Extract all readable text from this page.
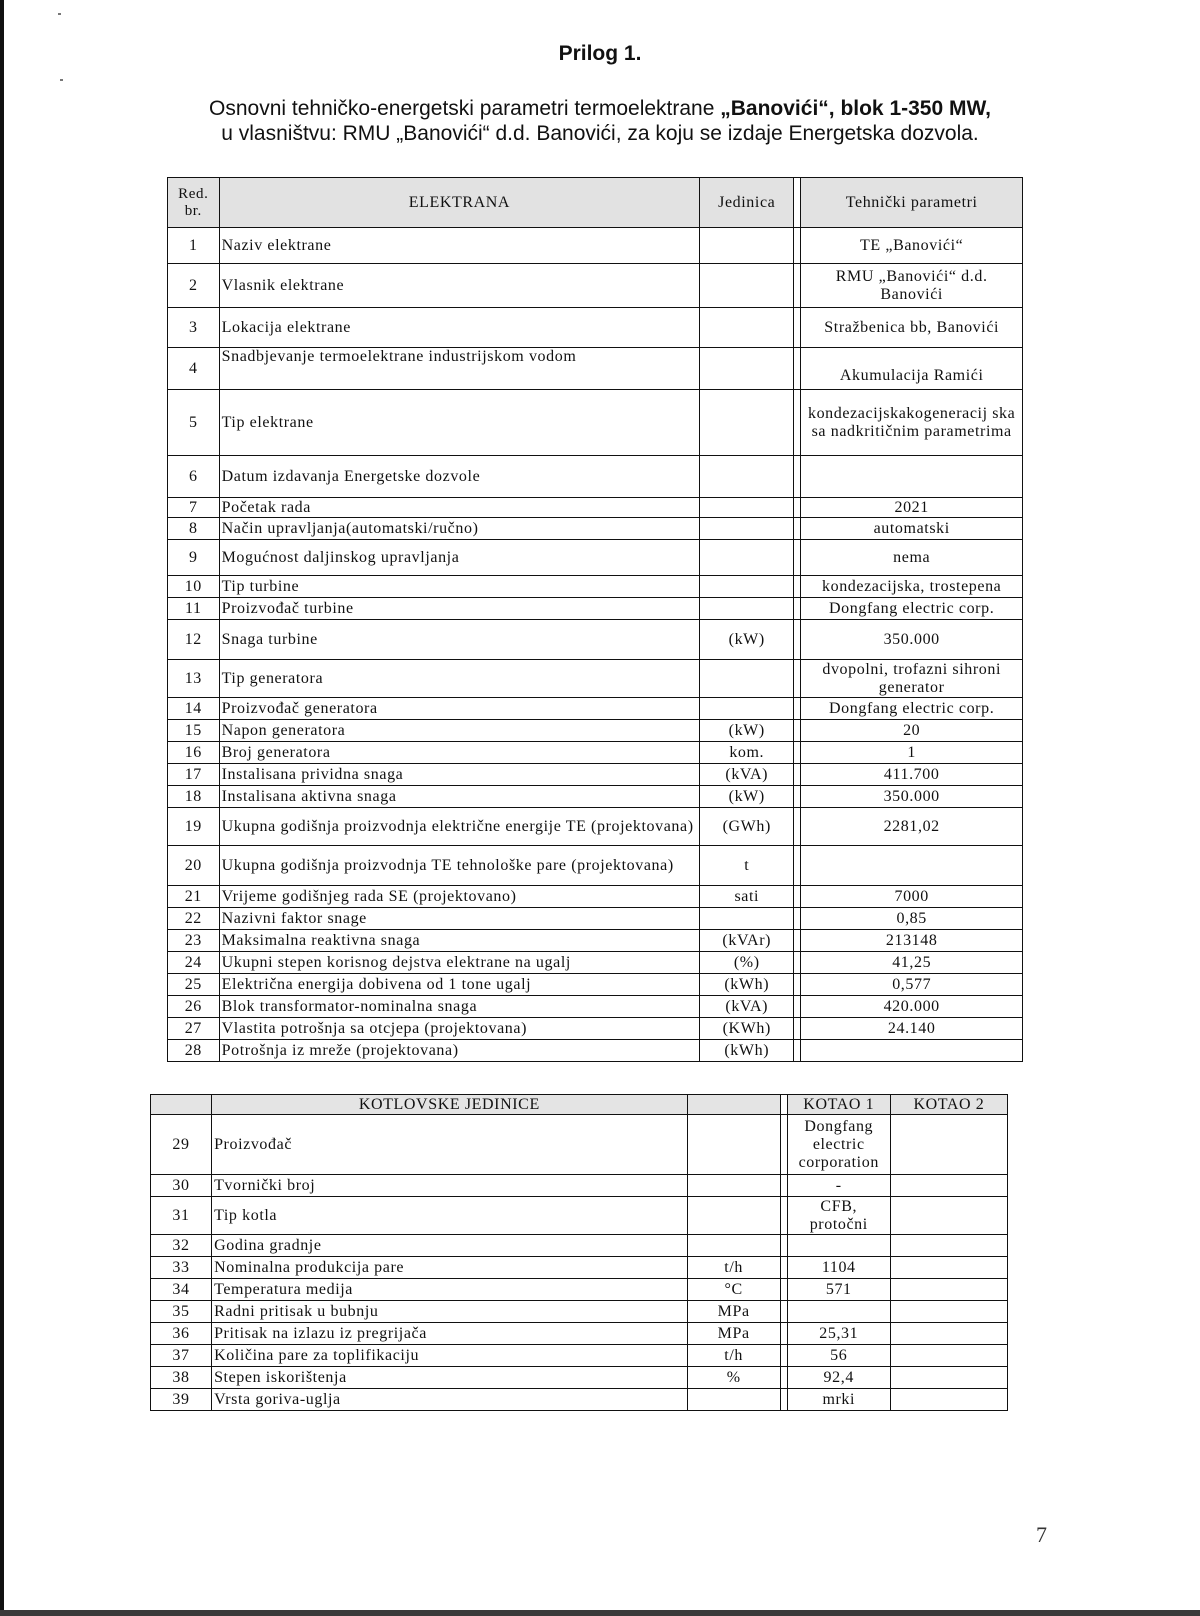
Prilog 1.
Osnovni tehničko-energetski parametri termoelektrane „Banovići“, blok 1-350 MW,
u vlasništvu: RMU „Banovići“ d.d. Banovići, za koju se izdaje Energetska dozvola.
Red. br.	ELEKTRANA	Jedinica		Tehnički parametri
1	Naziv elektrane			TE „Banovići“
2	Vlasnik elektrane			RMU „Banovići“ d.d. Banovići
3	Lokacija elektrane			Stražbenica bb, Banovići
4	Snadbjevanje termoelektrane industrijskom vodom			Akumulacija Ramići
5	Tip elektrane			kondezacijskakogeneracij ska sa nadkritičnim parametrima
6	Datum izdavanja Energetske dozvole			
7	Početak rada			2021
8	Način upravljanja(automatski/ručno)			automatski
9	Mogućnost daljinskog upravljanja			nema
10	Tip turbine			kondezacijska, trostepena
11	Proizvođač turbine			Dongfang electric corp.
12	Snaga turbine	(kW)		350.000
13	Tip generatora			dvopolni, trofazni sihroni generator
14	Proizvođač generatora			Dongfang electric corp.
15	Napon generatora	(kW)		20
16	Broj generatora	kom.		1
17	Instalisana prividna snaga	(kVA)		411.700
18	Instalisana aktivna snaga	(kW)		350.000
19	Ukupna godišnja proizvodnja električne energije TE (projektovana)	(GWh)		2281,02
20	Ukupna godišnja proizvodnja TE tehnološke pare (projektovana)	t		
21	Vrijeme godišnjeg rada SE (projektovano)	sati		7000
22	Nazivni faktor snage			0,85
23	Maksimalna reaktivna snaga	(kVAr)		213148
24	Ukupni stepen korisnog dejstva elektrane na ugalj	(%)		41,25
25	Električna energija dobivena od 1 tone ugalj	(kWh)		0,577
26	Blok transformator-nominalna snaga	(kVA)		420.000
27	Vlastita potrošnja sa otcjepa (projektovana)	(KWh)		24.140
28	Potrošnja iz mreže (projektovana)	(kWh)		
	KOTLOVSKE JEDINICE			KOTAO 1	KOTAO 2
29	Proizvođač			Dongfang electric corporation	
30	Tvornički broj			-	
31	Tip kotla			CFB, protočni	
32	Godina gradnje				
33	Nominalna produkcija pare	t/h		1104	
34	Temperatura medija	°C		571	
35	Radni pritisak u bubnju	MPa			
36	Pritisak na izlazu iz pregrijača	MPa		25,31	
37	Količina pare za toplifikaciju	t/h		56	
38	Stepen iskorištenja	%		92,4	
39	Vrsta goriva-uglja			mrki	
7
